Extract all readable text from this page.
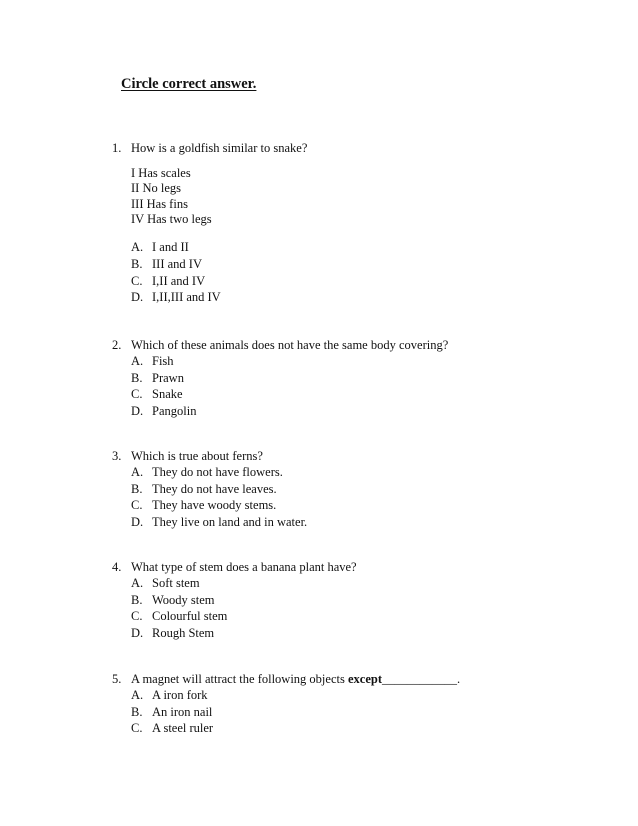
Circle correct answer.
1. How is a goldfish similar to snake?
I Has scales
II No legs
III Has fins
IV Has two legs
A. I and II
B. III and IV
C. I,II and IV
D. I,II,III and IV
2. Which of these animals does not have the same body covering?
A. Fish
B. Prawn
C. Snake
D. Pangolin
3. Which is true about ferns?
A. They do not have flowers.
B. They do not have leaves.
C. They have woody stems.
D. They live on land and in water.
4. What type of stem does a banana plant have?
A. Soft stem
B. Woody stem
C. Colourful stem
D. Rough Stem
5. A magnet will attract the following objects except____________.
A. A iron fork
B. An iron nail
C. A steel ruler
